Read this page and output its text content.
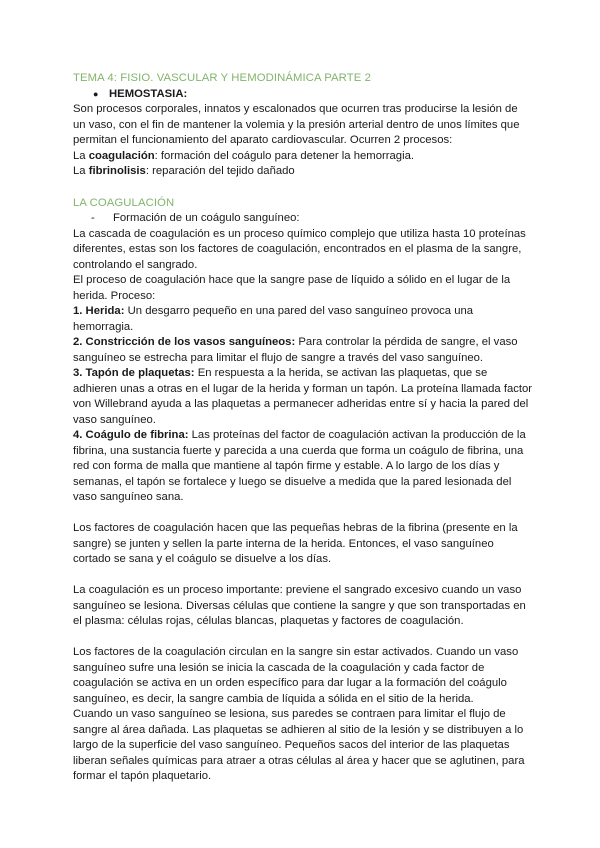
TEMA 4: FISIO. VASCULAR Y HEMODINÁMICA PARTE 2

● HEMOSTASIA:

Son procesos corporales, innatos y escalonados que ocurren tras producirse la lesión de un vaso, con el fin de mantener la volemia y la presión arterial dentro de unos límites que permitan el funcionamiento del aparato cardiovascular. Ocurren 2 procesos:

La coagulación: formación del coágulo para detener la hemorragia.

La fibrinolisis: reparación del tejido dañado

LA COAGULACIÓN

-	Formación de un coágulo sanguíneo:

La cascada de coagulación es un proceso químico complejo que utiliza hasta 10 proteínas diferentes, estas son los factores de coagulación, encontrados en el plasma de la sangre, controlando el sangrado.

El proceso de coagulación hace que la sangre pase de líquido a sólido en el lugar de la herida. Proceso:

1. Herida: Un desgarro pequeño en una pared del vaso sanguíneo provoca una hemorragia.

2. Constricción de los vasos sanguíneos: Para controlar la pérdida de sangre, el vaso sanguíneo se estrecha para limitar el flujo de sangre a través del vaso sanguíneo.

3. Tapón de plaquetas: En respuesta a la herida, se activan las plaquetas, que se adhieren unas a otras en el lugar de la herida y forman un tapón. La proteína llamada factor von Willebrand ayuda a las plaquetas a permanecer adheridas entre sí y hacia la pared del vaso sanguíneo.

4. Coágulo de fibrina: Las proteínas del factor de coagulación activan la producción de la fibrina, una sustancia fuerte y parecida a una cuerda que forma un coágulo de fibrina, una red con forma de malla que mantiene al tapón firme y estable. A lo largo de los días y semanas, el tapón se fortalece y luego se disuelve a medida que la pared lesionada del vaso sanguíneo sana.

Los factores de coagulación hacen que las pequeñas hebras de la fibrina (presente en la sangre) se junten y sellen la parte interna de la herida. Entonces, el vaso sanguíneo cortado se sana y el coágulo se disuelve a los días.

La coagulación es un proceso importante: previene el sangrado excesivo cuando un vaso sanguíneo se lesiona. Diversas células que contiene la sangre y que son transportadas en el plasma: células rojas, células blancas, plaquetas y factores de coagulación.

Los factores de la coagulación circulan en la sangre sin estar activados. Cuando un vaso sanguíneo sufre una lesión se inicia la cascada de la coagulación y cada factor de coagulación se activa en un orden específico para dar lugar a la formación del coágulo sanguíneo, es decir, la sangre cambia de líquida a sólida en el sitio de la herida.

Cuando un vaso sanguíneo se lesiona, sus paredes se contraen para limitar el flujo de sangre al área dañada. Las plaquetas se adhieren al sitio de la lesión y se distribuyen a lo largo de la superficie del vaso sanguíneo. Pequeños sacos del interior de las plaquetas liberan señales químicas para atraer a otras células al área y hacer que se aglutinen, para formar el tapón plaquetario.
